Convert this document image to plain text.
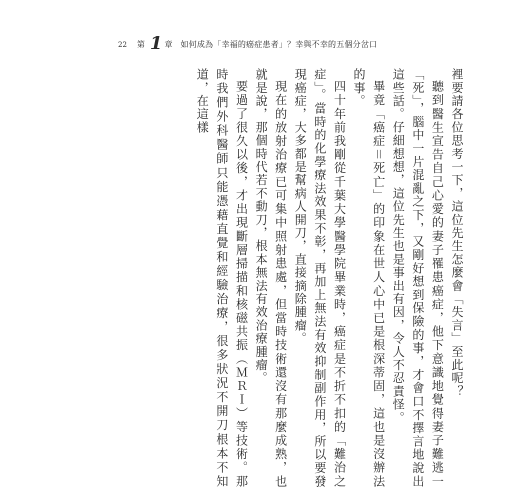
22 第 1 章 如何成為「幸福的癌症患者」？幸與不幸的五個分岔口

裡要請各位思考一下，這位先生怎麼會「失言」至此呢？

聽到醫生宣告自己心愛的妻子罹患癌症，他下意識地覺得妻子難逃一「死」，腦中一片混亂之下，又剛好想到保險的事，才會口不擇言地說出這些話。仔細想想，這位先生也是事出有因，令人不忍責怪。

畢竟「癌症＝死亡」的印象在世人心中已是根深蒂固，這也是沒辦法的事。

四十年前我剛從千葉大學醫學院畢業時，癌症是不折不扣的「難治之症」。當時的化學療法效果不彰，再加上無法有效抑制副作用，所以要發現癌症，大多都是幫病人開刀，直接摘除腫瘤。

現在的放射治療已可集中照射患處，但當時技術還沒有那麼成熟，也就是說，那個時代若不動刀，根本無法有效治療腫瘤。

要過了很久以後，才出現斷層掃描和核磁共振（ＭＲＩ）等技術。那時我們外科醫師只能憑藉直覺和經驗治療，很多狀況不開刀根本不知道，在這樣
